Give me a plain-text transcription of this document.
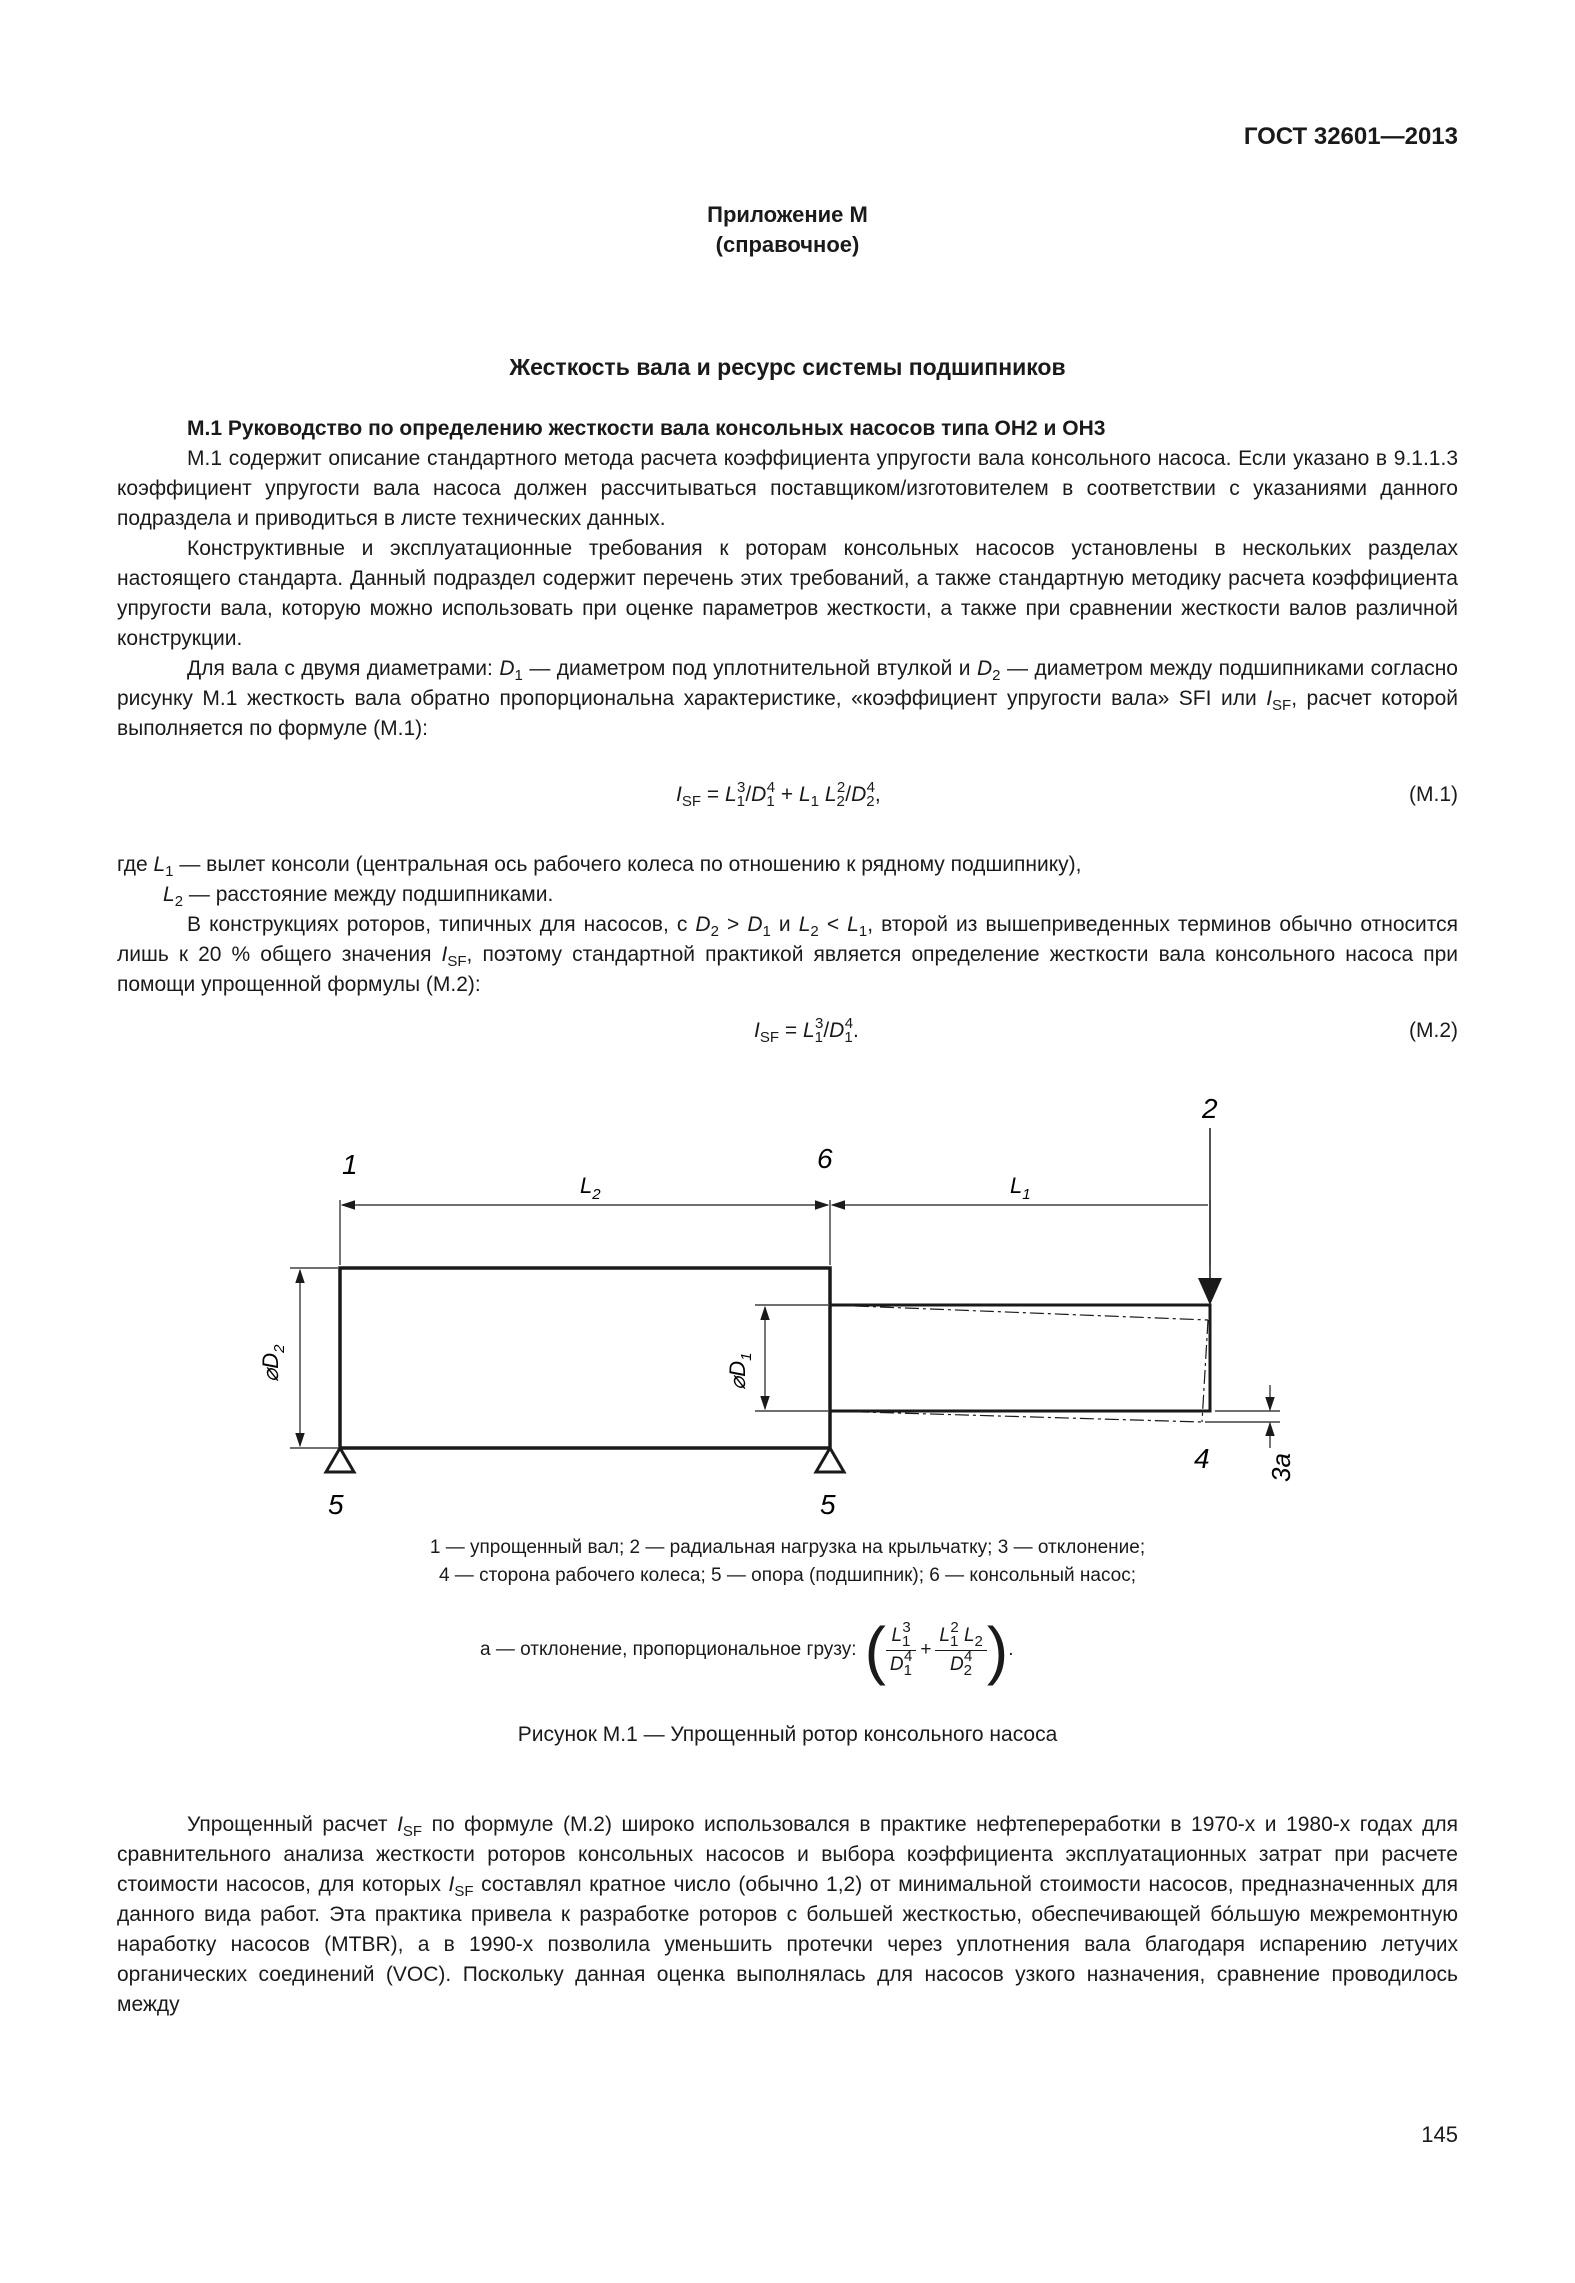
ГОСТ 32601—2013
Приложение М
(справочное)
Жесткость вала и ресурс системы подшипников

М.1 Руководство по определению жесткости вала консольных насосов типа ОН2 и ОН3

М.1 содержит описание стандартного метода расчета коэффициента упругости вала консольного насоса. Если указано в 9.1.1.3 коэффициент упругости вала насоса должен рассчитываться поставщиком/изготовителем в соответствии с указаниями данного подраздела и приводиться в листе технических данных.

Конструктивные и эксплуатационные требования к роторам консольных насосов установлены в нескольких разделах настоящего стандарта. Данный подраздел содержит перечень этих требований, а также стандартную методику расчета коэффициента упругости вала, которую можно использовать при оценке параметров жесткости, а также при сравнении жесткости валов различной конструкции.

Для вала с двумя диаметрами: $D_1$ — диаметром под уплотнительной втулкой и $D_2$ — диаметром между подшипниками согласно рисунку М.1 жесткость вала обратно пропорциональна характеристике, «коэффициент упругости вала» SFI или $I_{SF}$, расчет которой выполняется по формуле (М.1):

$I_{SF} = L_1^3/D_1^4 + L_1$ $L_2^2/D_2^4$,	(М.1)

где $L_1$ — вылет консоли (центральная ось рабочего колеса по отношению к рядному подшипнику),

$L_2$ — расстояние между подшипниками.

В конструкциях роторов, типичных для насосов, с $D_2 > D_1$ и $L_2 < L_1$, второй из вышеприведенных терминов обычно относится лишь к 20 % общего значения $I_{SF}$, поэтому стандартной практикой является определение жесткости вала консольного насоса при помощи упрощенной формулы (М.2):

$I_{SF} = L_1^3/D_1^4$.	(М.2)
$L_2$	$L_1$
$⌀D_2$
$⌀D_1$
1	6
2
4
5	5
3а
1 — упрощенный вал; 2 — радиальная нагрузка на крыльчатку; 3 — отклонение;
4 — сторона рабочего колеса; 5 — опора (подшипник); 6 — консольный насос;
а — отклонение, пропорциональное грузу: ( $\frac{L_1^3}{D_1^4} + \frac{L_1^2 L_2}{D_2^4}$ ) .
Рисунок М.1 — Упрощенный ротор консольного насоса

Упрощенный расчет $I_{SF}$ по формуле (М.2) широко использовался в практике нефтепереработки в 1970-х и 1980-х годах для сравнительного анализа жесткости роторов консольных насосов и выбора коэффициента эксплуатационных затрат при расчете стоимости насосов, для которых $I_{SF}$ составлял кратное число (обычно 1,2) от минимальной стоимости насосов, предназначенных для данного вида работ. Эта практика привела к разработке роторов с большей жесткостью, обеспечивающей бо́льшую межремонтную наработку насосов (MTBR), а в 1990-х позволила уменьшить протечки через уплотнения вала благодаря испарению летучих органических соединений (VOC). Поскольку данная оценка выполнялась для насосов узкого назначения, сравнение проводилось между

145
